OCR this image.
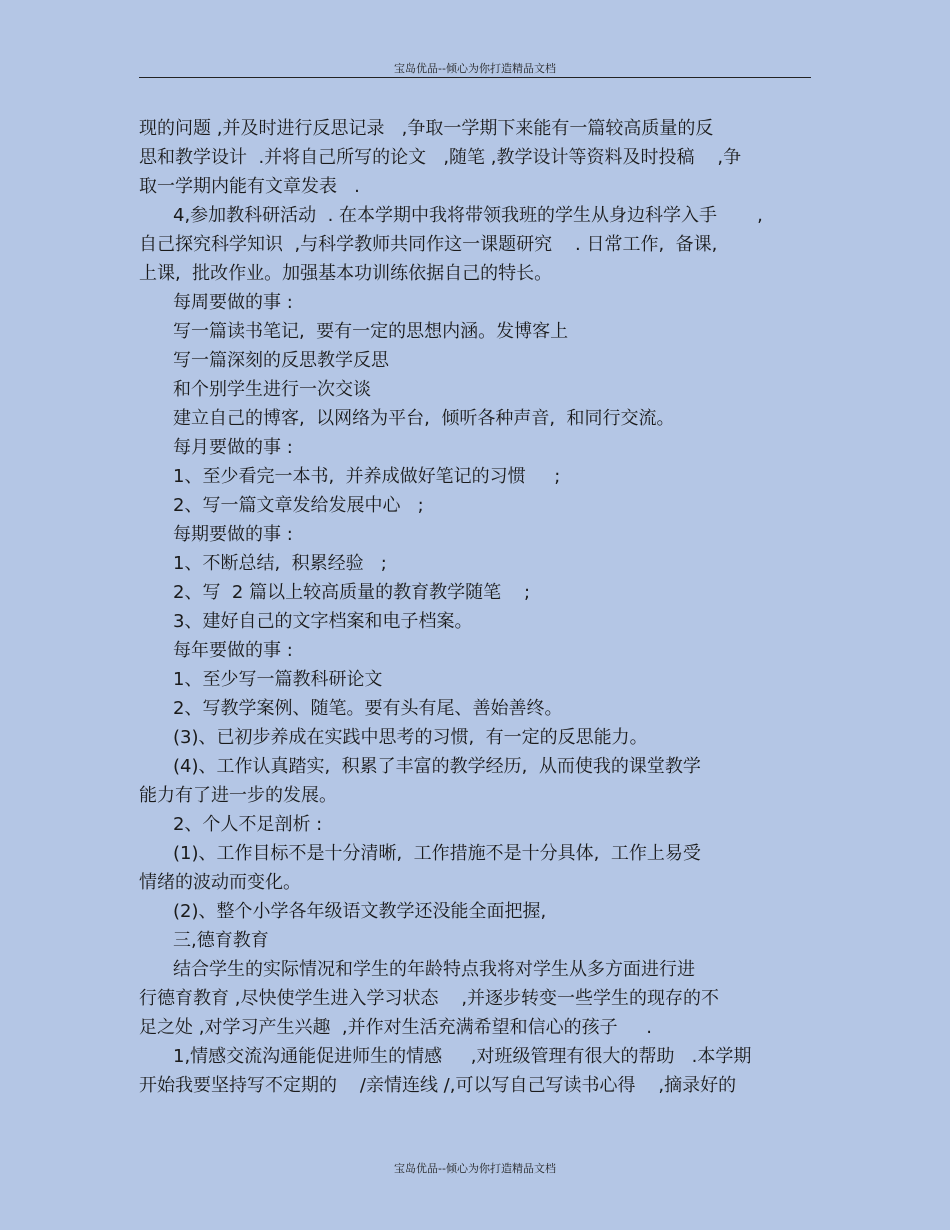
宝岛优品--倾心为你打造精品文档
现的问题 ,并及时进行反思记录   ,争取一学期下来能有一篇较高质量的反
思和教学设计  .并将自己所写的论文   ,随笔 ,教学设计等资料及时投稿    ,争
取一学期内能有文章发表   .
4,参加教科研活动  . 在本学期中我将带领我班的学生从身边科学入手       ,
自己探究科学知识  ,与科学教师共同作这一课题研究    . 日常工作,  备课,
上课,  批改作业。加强基本功训练依据自己的特长。
每周要做的事 :
写一篇读书笔记,  要有一定的思想内涵。发博客上
写一篇深刻的反思教学反思
和个别学生进行一次交谈
建立自己的博客,  以网络为平台,  倾听各种声音,  和同行交流。
每月要做的事 :
1、至少看完一本书,  并养成做好笔记的习惯     ;
2、写一篇文章发给发展中心   ;
每期要做的事 :
1、不断总结,  积累经验   ;
2、写  2 篇以上较高质量的教育教学随笔    ;
3、建好自己的文字档案和电子档案。
每年要做的事 :
1、至少写一篇教科研论文
2、写教学案例、随笔。要有头有尾、善始善终。
(3)、已初步养成在实践中思考的习惯,  有一定的反思能力。
(4)、工作认真踏实,  积累了丰富的教学经历,  从而使我的课堂教学
能力有了进一步的发展。
2、个人不足剖析 :
(1)、工作目标不是十分清晰,  工作措施不是十分具体,  工作上易受
情绪的波动而变化。
(2)、整个小学各年级语文教学还没能全面把握,
三,德育教育
结合学生的实际情况和学生的年龄特点我将对学生从多方面进行进
行德育教育 ,尽快使学生进入学习状态    ,并逐步转变一些学生的现存的不
足之处 ,对学习产生兴趣  ,并作对生活充满希望和信心的孩子     .
1,情感交流沟通能促进师生的情感     ,对班级管理有很大的帮助   .本学期
开始我要坚持写不定期的    /亲情连线 /,可以写自己写读书心得    ,摘录好的
宝岛优品--倾心为你打造精品文档
